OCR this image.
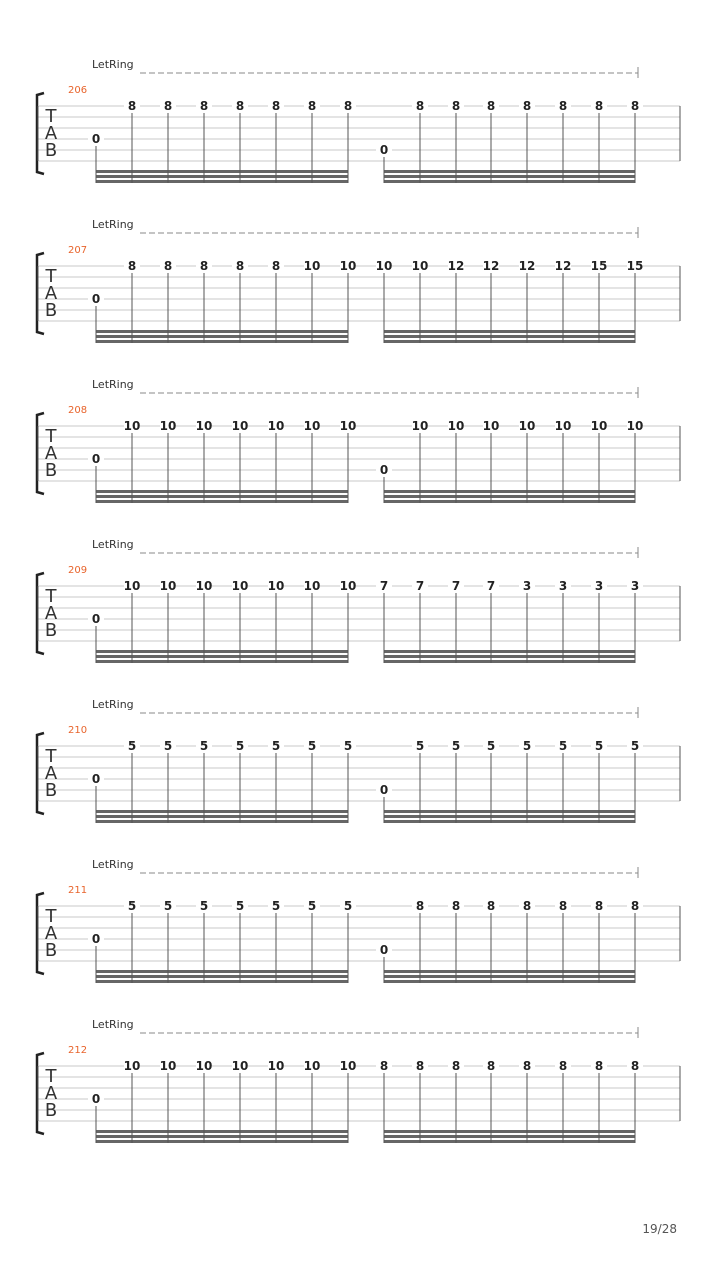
LetRing
206
T
A
B
0
8 8 8 8 8 8 8
0
8 8 8 8 8 8 8
LetRing
207
T
A
B
0
8 8 8 8 8 10 10 10 10 12 12 12 12 15 15
LetRing
208
T
A
B
0
10 10 10 10 10 10 10
0
10 10 10 10 10 10 10
LetRing
209
T
A
B
0
10 10 10 10 10 10 10 7 7 7 7 3 3 3 3
LetRing
210
T
A
B
0
5 5 5 5 5 5 5
0
5 5 5 5 5 5 5
LetRing
211
T
A
B
0
5 5 5 5 5 5 5
0
8 8 8 8 8 8 8
LetRing
212
T
A
B
0
10 10 10 10 10 10 10 8 8 8 8 8 8 8 8
19/28
